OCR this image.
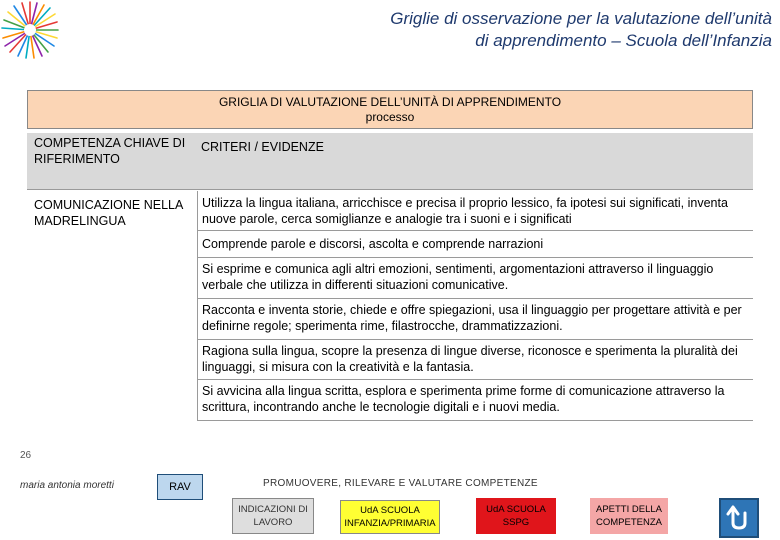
Griglie di osservazione per la valutazione dell’unità
di apprendimento – Scuola dell’Infanzia
GRIGLIA DI VALUTAZIONE DELL’UNITÀ DI APPRENDIMENTO
processo
COMPETENZA CHIAVE DI RIFERIMENTO
CRITERI / EVIDENZE
COMUNICAZIONE NELLA MADRELINGUA
Utilizza la lingua italiana, arricchisce e precisa il proprio lessico, fa ipotesi sui significati, inventa nuove parole, cerca somiglianze e analogie tra i suoni e i significati
Comprende parole e discorsi, ascolta e comprende narrazioni
Si esprime e comunica agli altri emozioni, sentimenti, argomentazioni attraverso il linguaggio verbale che utilizza in differenti situazioni comunicative.
Racconta e inventa storie, chiede e offre spiegazioni, usa il linguaggio per progettare attività e per definirne regole; sperimenta rime, filastrocche, drammatizzazioni.
Ragiona sulla lingua, scopre la presenza di lingue diverse, riconosce e sperimenta la pluralità dei linguaggi, si misura con la creatività e la fantasia.
Si avvicina alla lingua scritta, esplora e sperimenta prime forme di comunicazione attraverso la scrittura, incontrando anche le tecnologie digitali e i nuovi media.
26
PROMUOVERE, RILEVARE E VALUTARE COMPETENZE
maria antonia moretti	RAV
INDICAZIONI DI
LAVORO
UdA SCUOLA
INFANZIA/PRIMARIA
UdA SCUOLA
SSPG
APETTI DELLA
COMPETENZA
